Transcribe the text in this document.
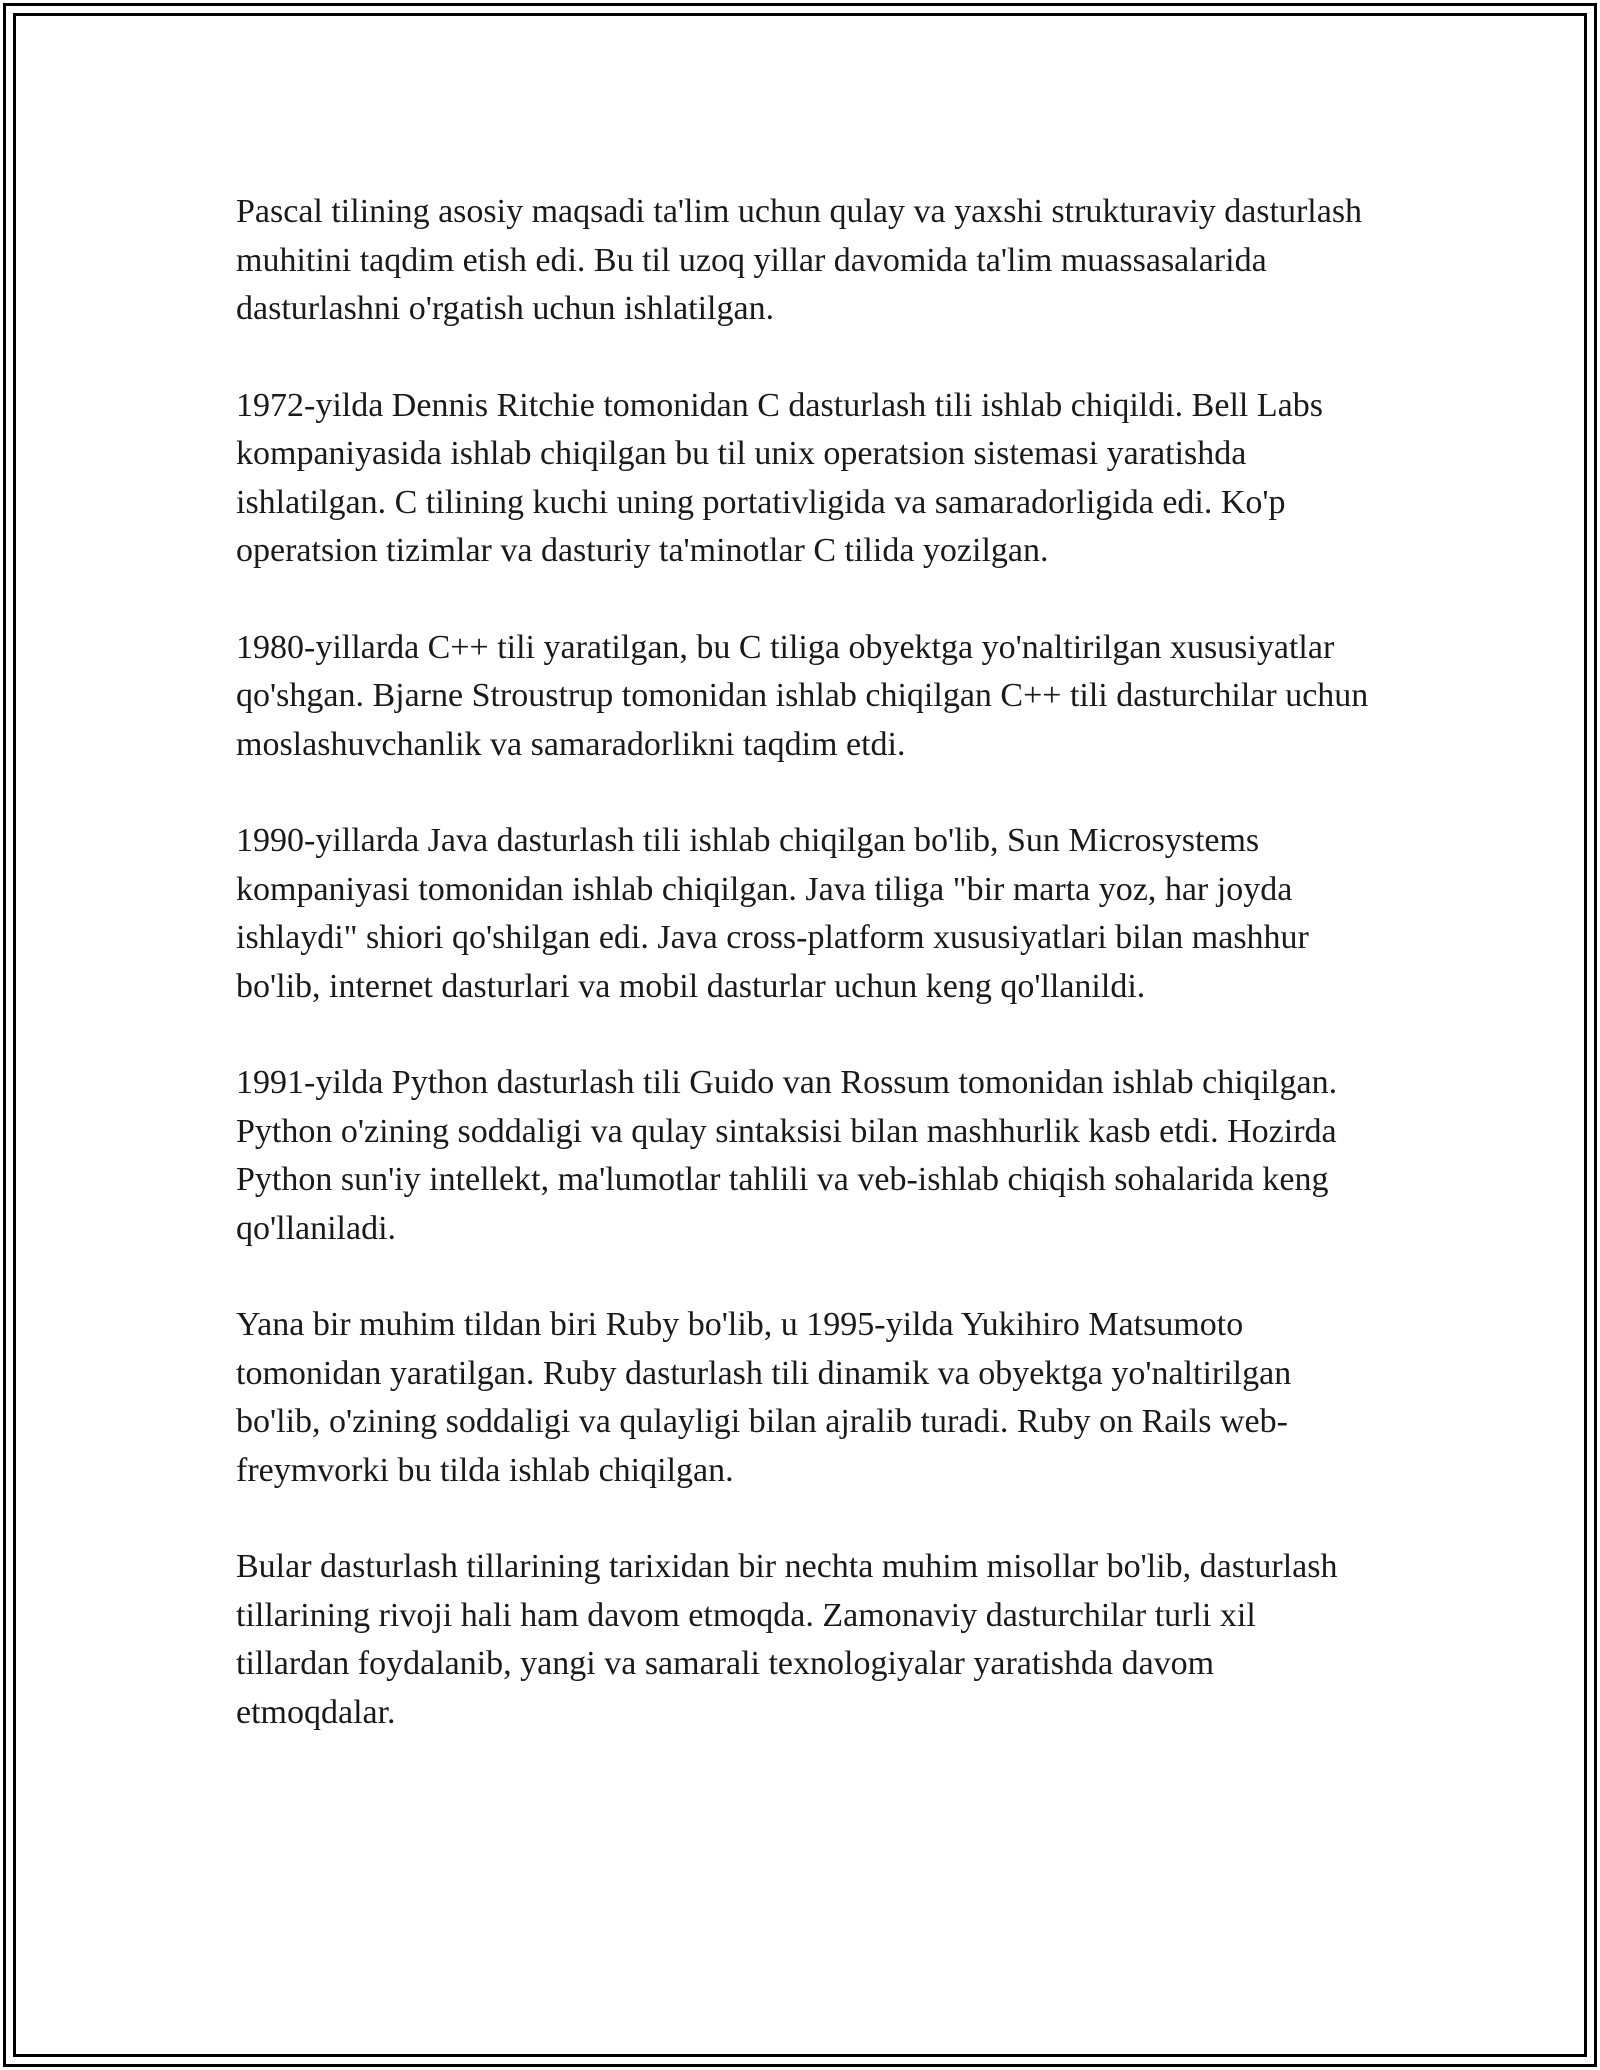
Pascal tilining asosiy maqsadi ta'lim uchun qulay va yaxshi strukturaviy dasturlash muhitini taqdim etish edi. Bu til uzoq yillar davomida ta'lim muassasalarida dasturlashni o'rgatish uchun ishlatilgan.

1972-yilda Dennis Ritchie tomonidan C dasturlash tili ishlab chiqildi. Bell Labs kompaniyasida ishlab chiqilgan bu til unix operatsion sistemasi yaratishda ishlatilgan. C tilining kuchi uning portativligida va samaradorligida edi. Ko'p operatsion tizimlar va dasturiy ta'minotlar C tilida yozilgan.

1980-yillarda C++ tili yaratilgan, bu C tiliga obyektga yo'naltirilgan xususiyatlar qo'shgan. Bjarne Stroustrup tomonidan ishlab chiqilgan C++ tili dasturchilar uchun moslashuvchanlik va samaradorlikni taqdim etdi.

1990-yillarda Java dasturlash tili ishlab chiqilgan bo'lib, Sun Microsystems kompaniyasi tomonidan ishlab chiqilgan. Java tiliga "bir marta yoz, har joyda ishlaydi" shiori qo'shilgan edi. Java cross-platform xususiyatlari bilan mashhur bo'lib, internet dasturlari va mobil dasturlar uchun keng qo'llanildi.

1991-yilda Python dasturlash tili Guido van Rossum tomonidan ishlab chiqilgan. Python o'zining soddaligi va qulay sintaksisi bilan mashhurlik kasb etdi. Hozirda Python sun'iy intellekt, ma'lumotlar tahlili va veb-ishlab chiqish sohalarida keng qo'llaniladi.

Yana bir muhim tildan biri Ruby bo'lib, u 1995-yilda Yukihiro Matsumoto tomonidan yaratilgan. Ruby dasturlash tili dinamik va obyektga yo'naltirilgan bo'lib, o'zining soddaligi va qulayligi bilan ajralib turadi. Ruby on Rails web-freymvorki bu tilda ishlab chiqilgan.

Bular dasturlash tillarining tarixidan bir nechta muhim misollar bo'lib, dasturlash tillarining rivoji hali ham davom etmoqda. Zamonaviy dasturchilar turli xil tillardan foydalanib, yangi va samarali texnologiyalar yaratishda davom etmoqdalar.
